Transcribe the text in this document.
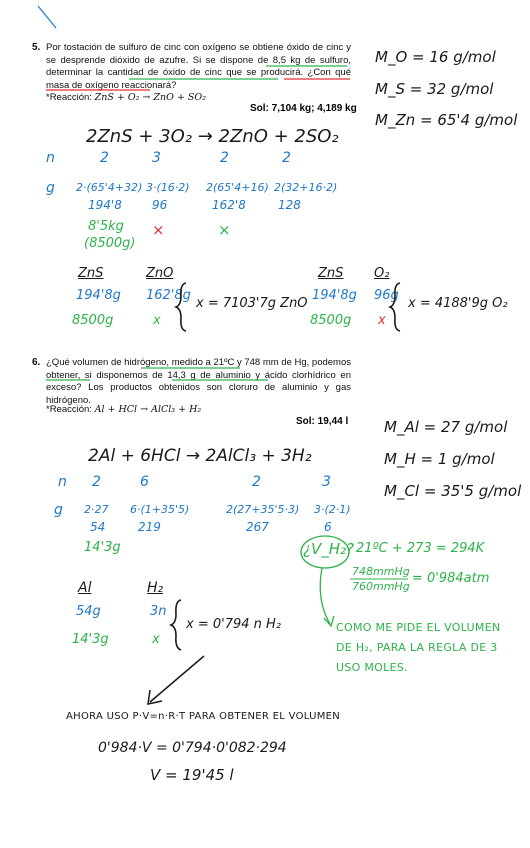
5. Por tostación de sulfuro de cinc con oxígeno se obtiene óxido de cinc y se desprende dióxido de azufre. Si se dispone de 8,5 kg de sulfuro, determinar la cantidad de óxido de cinc que se producirá. ¿Con qué masa de oxígeno reaccionará?
*Reacción: ZnS + O₂ → ZnO + SO₂
Sol: 7,104 kg; 4,189 kg
M_O = 16 g/mol
M_S = 32 g/mol
M_Zn = 65'4 g/mol
2ZnS + 3O₂ → 2ZnO + 2SO₂
n	2	3	2	2
g 2·(65'4+32) 3·(16·2) 2(65'4+16) 2(32+16·2)
194'8	96	162'8	128
8'5kg
(8500g)
×	×
ZnS	ZnO
194'8g 162'8g
8500g	x
x = 7103'7g ZnO
ZnS O₂
194'8g 96g
8500g x
x = 4188'9g O₂
6. ¿Qué volumen de hidrógeno, medido a 21ºC y 748 mm de Hg, podemos obtener, si disponemos de 14,3 g de aluminio y ácido clorhídrico en exceso? Los productos obtenidos son cloruro de aluminio y gas hidrógeno.
*Reacción: Al + HCl → AlCl₃ + H₂
Sol: 19,44 l M_Al = 27 g/mol
M_H = 1 g/mol
M_Cl = 35'5 g/mol
2Al + 6HCl → 2AlCl₃ + 3H₂
n 2	6	2	3
g 2·27 6·(1+35'5)	2(27+35'5·3) 3·(2·1)
54	219	267	6
14'3g	¿V_H₂? 21ºC + 273 = 294K
748mmHg
760mmHg
= 0'984atm
COMO ME PIDE EL VOLUMEN DE H₂, PARA LA REGLA DE 3 USO MOLES.
Al	H₂
54g	3n
14'3g	x
x = 0'794 n H₂
AHORA USO P·V=n·R·T PARA OBTENER EL VOLUMEN
0'984·V = 0'794·0'082·294
V = 19'45 l
